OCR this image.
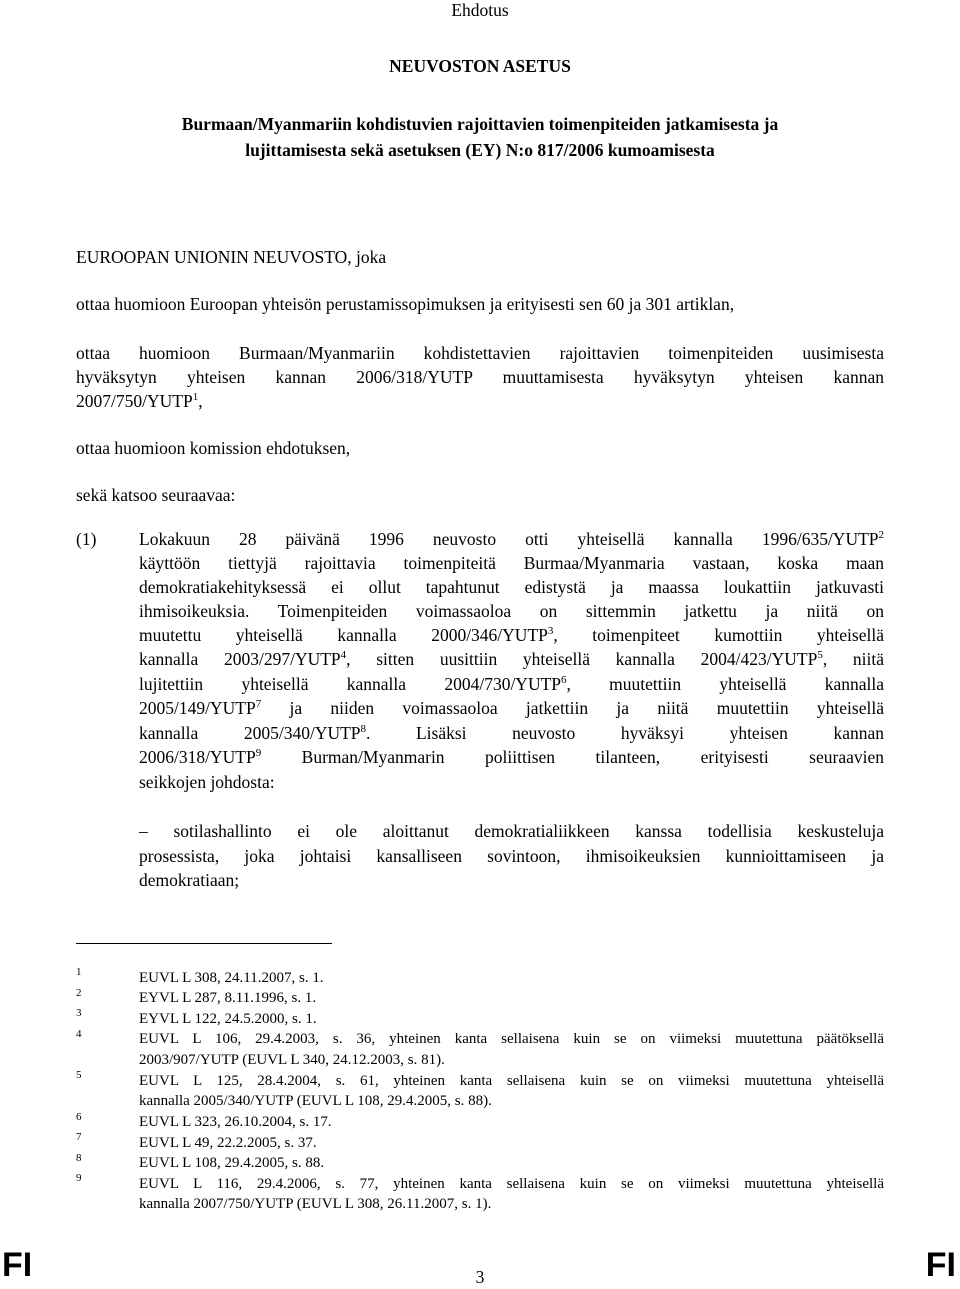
Ehdotus
NEUVOSTON ASETUS
Burmaan/Myanmariin kohdistuvien rajoittavien toimenpiteiden jatkamisesta ja
lujittamisesta sekä asetuksen (EY) N:o 817/2006 kumoamisesta
EUROOPAN UNIONIN NEUVOSTO, joka
ottaa huomioon Euroopan yhteisön perustamissopimuksen ja erityisesti sen 60 ja 301 artiklan,
ottaa huomioon Burmaan/Myanmariin kohdistettavien rajoittavien toimenpiteiden uusimisesta
hyväksytyn yhteisen kannan 2006/318/YUTP muuttamisesta hyväksytyn yhteisen kannan
2007/750/YUTP$^1$,
ottaa huomioon komission ehdotuksen,
sekä katsoo seuraavaa:
(1) Lokakuun 28 päivänä 1996 neuvosto otti yhteisellä kannalla 1996/635/YUTP$^2$
käyttöön tiettyjä rajoittavia toimenpiteitä Burmaa/Myanmaria vastaan, koska maan
demokratiakehityksessä ei ollut tapahtunut edistystä ja maassa loukattiin jatkuvasti
ihmisoikeuksia. Toimenpiteiden voimassaoloa on sittemmin jatkettu ja niitä on
muutettu yhteisellä kannalla 2000/346/YUTP$^3$, toimenpiteet kumottiin yhteisellä
kannalla 2003/297/YUTP$^4$, sitten uusittiin yhteisellä kannalla 2004/423/YUTP$^5$, niitä
lujitettiin yhteisellä kannalla 2004/730/YUTP$^6$, muutettiin yhteisellä kannalla
2005/149/YUTP$^7$ ja niiden voimassaoloa jatkettiin ja niitä muutettiin yhteisellä
kannalla 2005/340/YUTP$^8$. Lisäksi neuvosto hyväksyi yhteisen kannan
2006/318/YUTP$^9$ Burman/Myanmarin poliittisen tilanteen, erityisesti seuraavien
seikkojen johdosta:
– sotilashallinto ei ole aloittanut demokratialiikkeen kanssa todellisia keskusteluja
prosessista, joka johtaisi kansalliseen sovintoon, ihmisoikeuksien kunnioittamiseen ja
demokratiaan;
1	EUVL L 308, 24.11.2007, s. 1.
2	EYVL L 287, 8.11.1996, s. 1.
3	EYVL L 122, 24.5.2000, s. 1.
4	EUVL L 106, 29.4.2003, s. 36, yhteinen kanta sellaisena kuin se on viimeksi muutettuna päätöksellä
2003/907/YUTP (EUVL L 340, 24.12.2003, s. 81).
5	EUVL L 125, 28.4.2004, s. 61, yhteinen kanta sellaisena kuin se on viimeksi muutettuna yhteisellä
kannalla 2005/340/YUTP (EUVL L 108, 29.4.2005, s. 88).
6	EUVL L 323, 26.10.2004, s. 17.
7	EUVL L 49, 22.2.2005, s. 37.
8	EUVL L 108, 29.4.2005, s. 88.
9	EUVL L 116, 29.4.2006, s. 77, yhteinen kanta sellaisena kuin se on viimeksi muutettuna yhteisellä
kannalla 2007/750/YUTP (EUVL L 308, 26.11.2007, s. 1).
FI	3	FI
